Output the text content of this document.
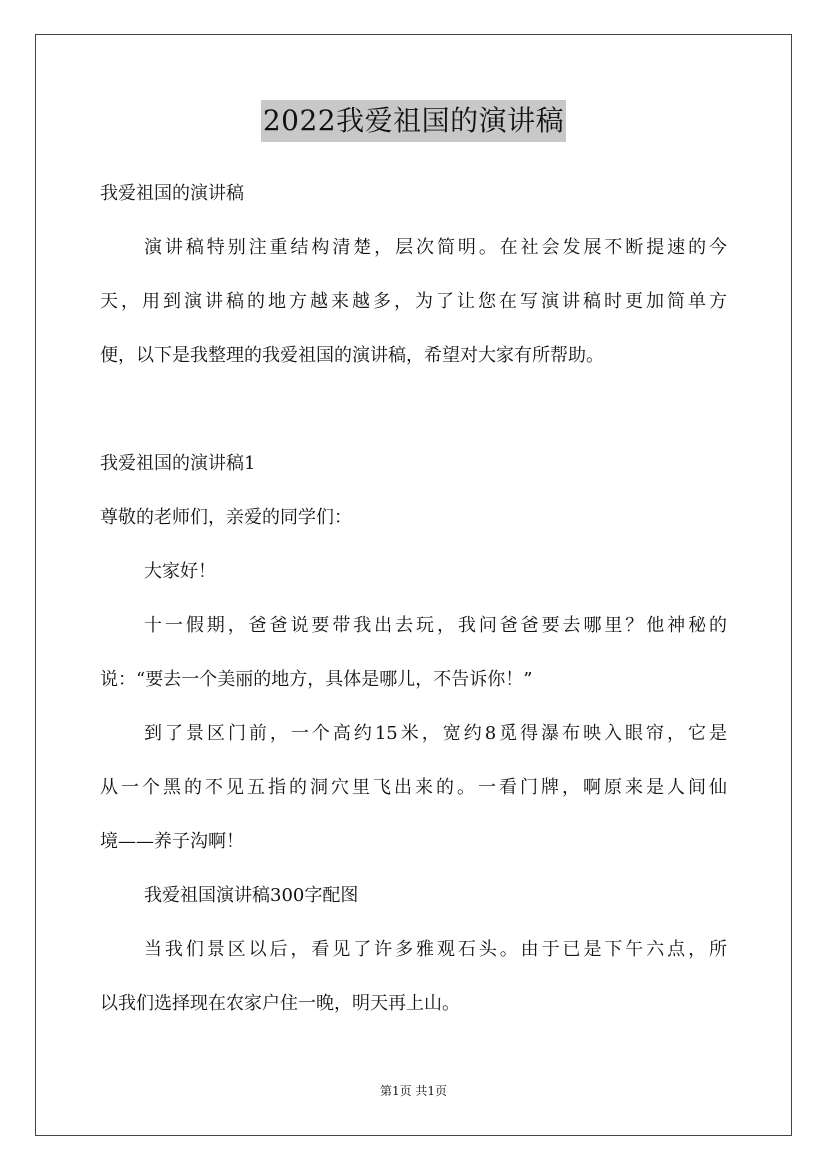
2022我爱祖国的演讲稿
我爱祖国的演讲稿
演讲稿特别注重结构清楚，层次简明。在社会发展不断提速的今
天，用到演讲稿的地方越来越多，为了让您在写演讲稿时更加简单方
便，以下是我整理的我爱祖国的演讲稿，希望对大家有所帮助。
我爱祖国的演讲稿1
尊敬的老师们，亲爱的同学们：
大家好！
十一假期，爸爸说要带我出去玩，我问爸爸要去哪里？他神秘的
说：“要去一个美丽的地方，具体是哪儿，不告诉你！”
到了景区门前，一个高约15米，宽约8觅得瀑布映入眼帘，它是
从一个黑的不见五指的洞穴里飞出来的。一看门牌，啊原来是人间仙
境——养子沟啊！
我爱祖国演讲稿300字配图
当我们景区以后，看见了许多雅观石头。由于已是下午六点，所
以我们选择现在农家户住一晚，明天再上山。
第1页 共1页
